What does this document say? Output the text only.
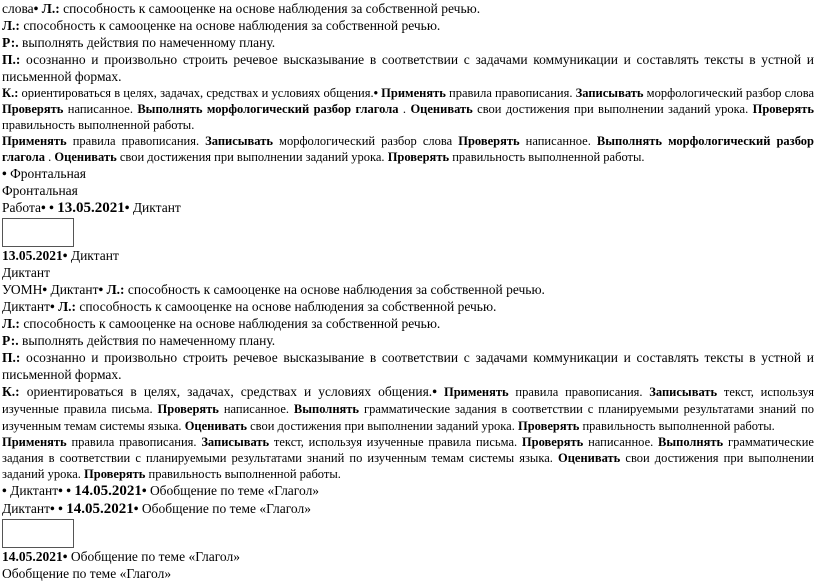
слова• Л.: способность к самооценке на основе наблюдения за собственной речью.

Л.: способность к самооценке на основе наблюдения за собственной речью.

Р:. выполнять действия по намеченному плану.

П.: осознанно и произвольно строить речевое высказывание в соответствии с задачами коммуникации и составлять тексты в устной и письменной формах.

К.: ориентироваться в целях, задачах, средствах и условиях общения.• Применять правила правописания. Записывать морфологический разбор слова Проверять написанное. Выполнять морфологический разбор глагола . Оценивать свои достижения при выполнении заданий урока. Проверять правильность выполненной работы.

Применять правила правописания. Записывать морфологический разбор слова Проверять написанное. Выполнять морфологический разбор глагола . Оценивать свои достижения при выполнении заданий урока. Проверять правильность выполненной работы.

• Фронтальная

Фронтальная

Работа• • 13.05.2021• Диктант

13.05.2021• Диктант

Диктант

УОМН• Диктант• Л.: способность к самооценке на основе наблюдения за собственной речью.

Диктант• Л.: способность к самооценке на основе наблюдения за собственной речью.

Л.: способность к самооценке на основе наблюдения за собственной речью.

Р:. выполнять действия по намеченному плану.

П.: осознанно и произвольно строить речевое высказывание в соответствии с задачами коммуникации и составлять тексты в устной и письменной формах.

К.: ориентироваться в целях, задачах, средствах и условиях общения.• Применять правила правописания. Записывать текст, используя изученные правила письма. Проверять написанное. Выполнять грамматические задания в соответствии с планируемыми результатами знаний по изученным темам системы языка. Оценивать свои достижения при выполнении заданий урока. Проверять правильность выполненной работы.

Применять правила правописания. Записывать текст, используя изученные правила письма. Проверять написанное. Выполнять грамматические задания в соответствии с планируемыми результатами знаний по изученным темам системы языка. Оценивать свои достижения при выполнении заданий урока. Проверять правильность выполненной работы.

• Диктант• • 14.05.2021• Обобщение по теме «Глагол»

Диктант• • 14.05.2021• Обобщение по теме «Глагол»

14.05.2021• Обобщение по теме «Глагол»

Обобщение по теме «Глагол»
